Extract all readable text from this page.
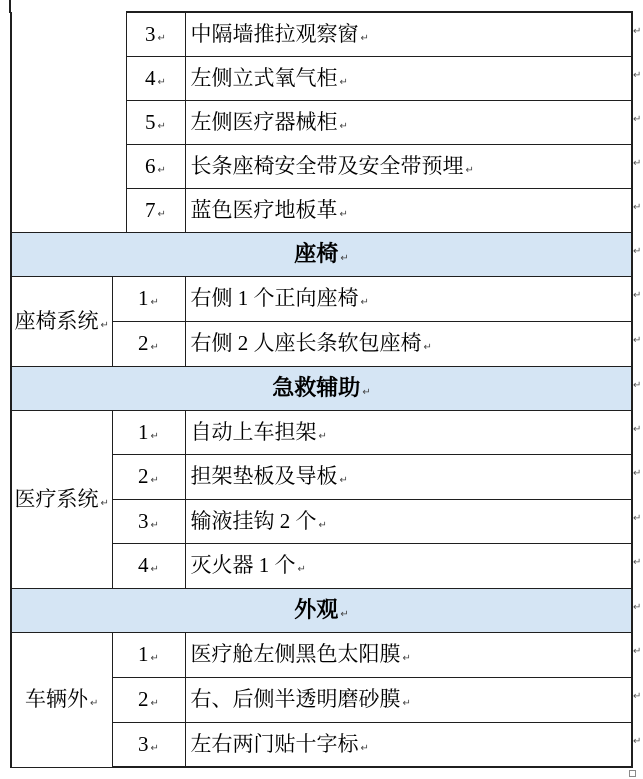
		3 ↵	中隔墙推拉观察窗 ↵
		4 ↵	左侧立式氧气柜 ↵
		5 ↵	左侧医疗器械柜 ↵
		6 ↵	长条座椅安全带及安全带预埋 ↵
		7 ↵	蓝色医疗地板革 ↵
座椅 ↵			
座椅系统 ↵	1 ↵		右侧 1 个正向座椅 ↵
	2 ↵		右侧 2 人座长条软包座椅 ↵
急救辅助 ↵			
医疗系统 ↵	1 ↵		自动上车担架 ↵
	2 ↵		担架垫板及导板 ↵
	3 ↵		输液挂钩 2 个 ↵
	4 ↵		灭火器 1 个 ↵
外观 ↵			
车辆外 ↵	1 ↵		医疗舱左侧黑色太阳膜 ↵
	2 ↵		右、后侧半透明磨砂膜 ↵
	3 ↵		左右两门贴十字标 ↵
↵
↵
↵
↵
↵
↵
↵
↵
↵
↵
↵
↵
↵
↵
↵
↵
↵
